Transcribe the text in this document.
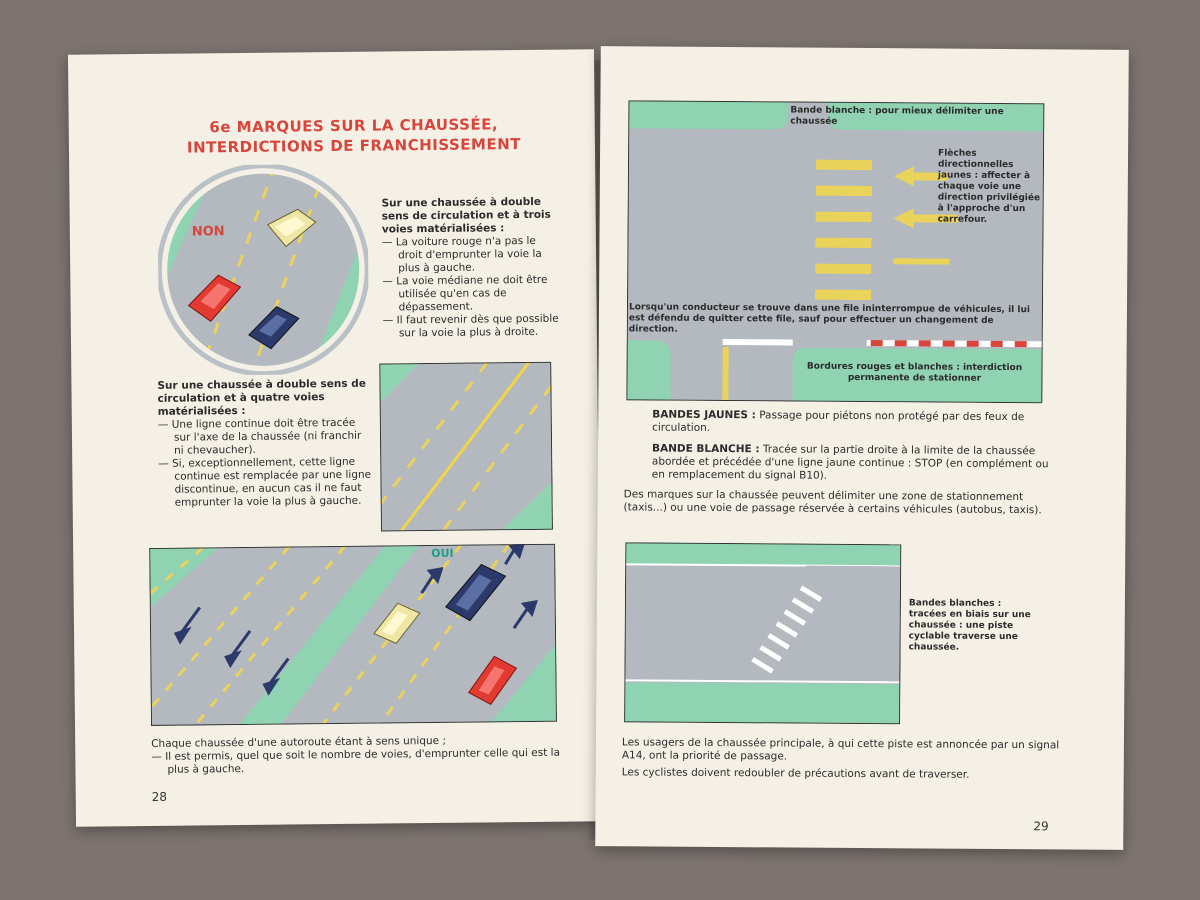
6e MARQUES SUR LA CHAUSSÉE,
INTERDICTIONS DE FRANCHISSEMENT
NON
Sur une chaussée à double sens de circulation et à trois voies matérialisées :
— La voiture rouge n'a pas le droit d'emprunter la voie la plus à gauche.
— La voie médiane ne doit être utilisée qu'en cas de dépassement.
— Il faut revenir dès que possible sur la voie la plus à droite.
Sur une chaussée à double sens de circulation et à quatre voies matérialisées :
— Une ligne continue doit être tracée sur l'axe de la chaussée (ni franchir ni chevaucher).
— Si, exceptionnellement, cette ligne continue est remplacée par une ligne discontinue, en aucun cas il ne faut emprunter la voie la plus à gauche.
OUI
Chaque chaussée d'une autoroute étant à sens unique ;
— Il est permis, quel que soit le nombre de voies, d'emprunter celle qui est la plus à gauche.
28
Bande blanche : pour mieux délimiter une chaussée
Flèches directionnelles jaunes : affecter à chaque voie une direction privilégiée à l'approche d'un carrefour.
Lorsqu'un conducteur se trouve dans une file ininterrompue de véhicules, il lui est défendu de quitter cette file, sauf pour effectuer un changement de direction.
Bordures rouges et blanches : interdiction permanente de stationner
BANDES JAUNES : Passage pour piétons non protégé par des feux de circulation.
BANDE BLANCHE : Tracée sur la partie droite à la limite de la chaussée abordée et précédée d'une ligne jaune continue : STOP (en complément ou en remplacement du signal B10).
Des marques sur la chaussée peuvent délimiter une zone de stationnement (taxis...) ou une voie de passage réservée à certains véhicules (autobus, taxis).
Bandes blanches : tracées en biais sur une chaussée : une piste cyclable traverse une chaussée.
Les usagers de la chaussée principale, à qui cette piste est annoncée par un signal A14, ont la priorité de passage.
Les cyclistes doivent redoubler de précautions avant de traverser.
29
